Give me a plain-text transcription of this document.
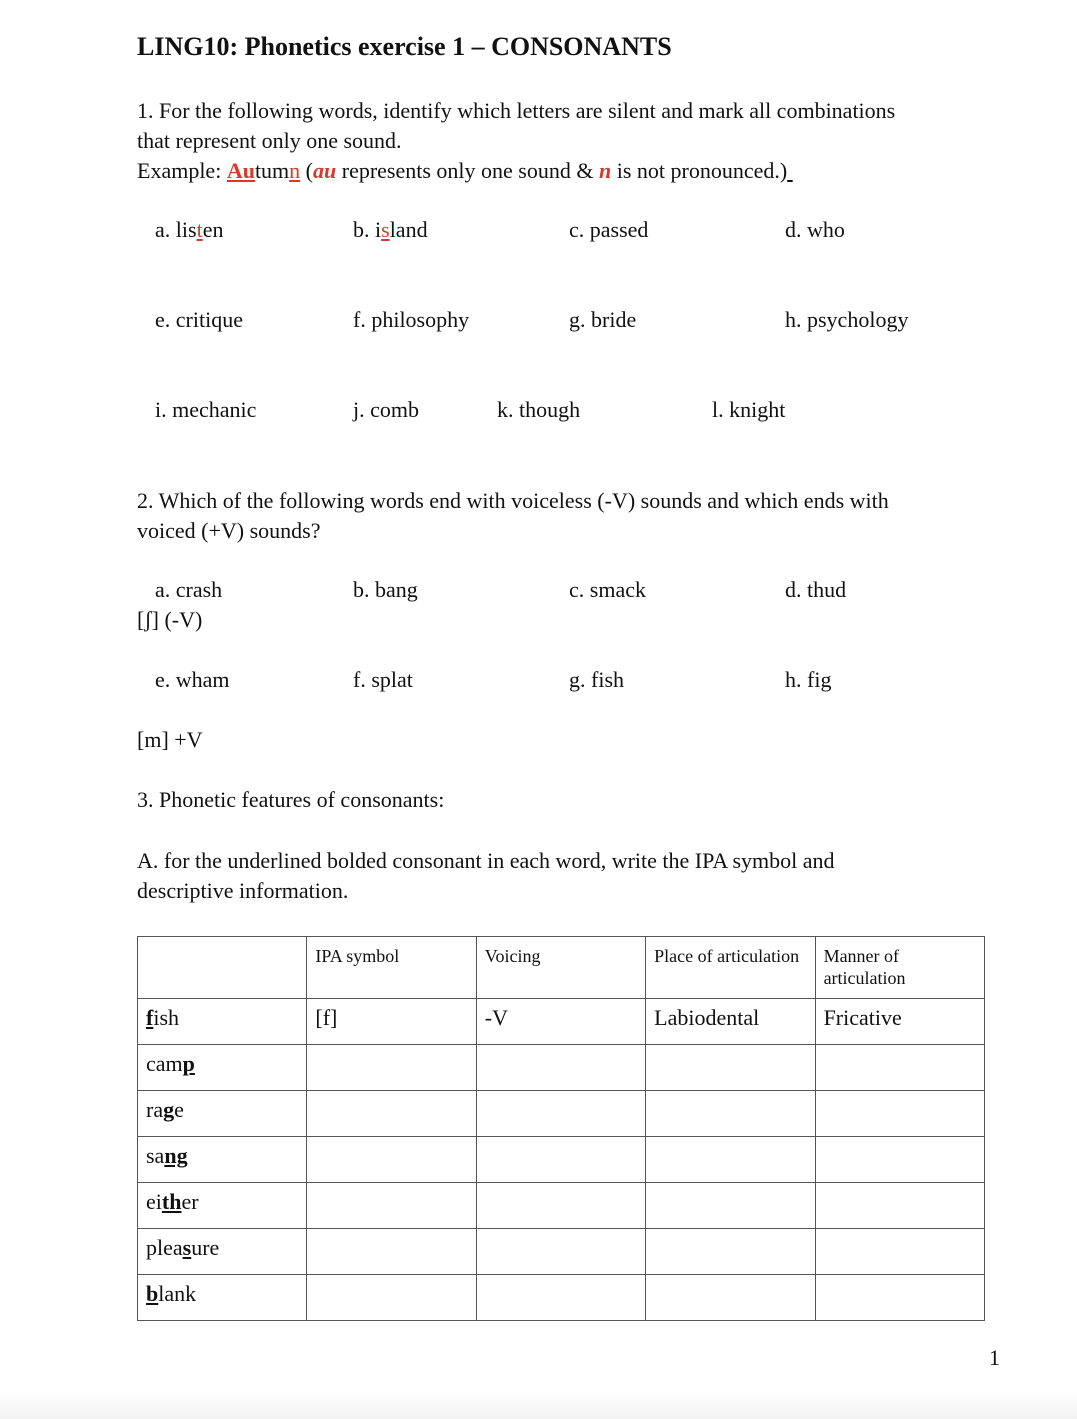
LING10: Phonetics exercise 1 – CONSONANTS
1. For the following words, identify which letters are silent and mark all combinations
that represent only one sound.
Example: Autumn (au represents only one sound & n is not pronounced.)
a. listen	b. island	c. passed	d. who
e. critique	f. philosophy	g. bride	h. psychology
i. mechanic	j. comb	k. though	l. knight
2. Which of the following words end with voiceless (-V) sounds and which ends with
voiced (+V) sounds?
a. crash	b. bang	c. smack	d. thud
[ʃ] (-V)
e. wham	f. splat	g. fish	h. fig
[m] +V
3. Phonetic features of consonants:
A. for the underlined bolded consonant in each word, write the IPA symbol and
descriptive information.
	IPA symbol	Voicing	Place of articulation	Manner of articulation
fish	[f]	-V	Labiodental	Fricative
camp				
rage				
sang				
either				
pleasure				
blank				
1
